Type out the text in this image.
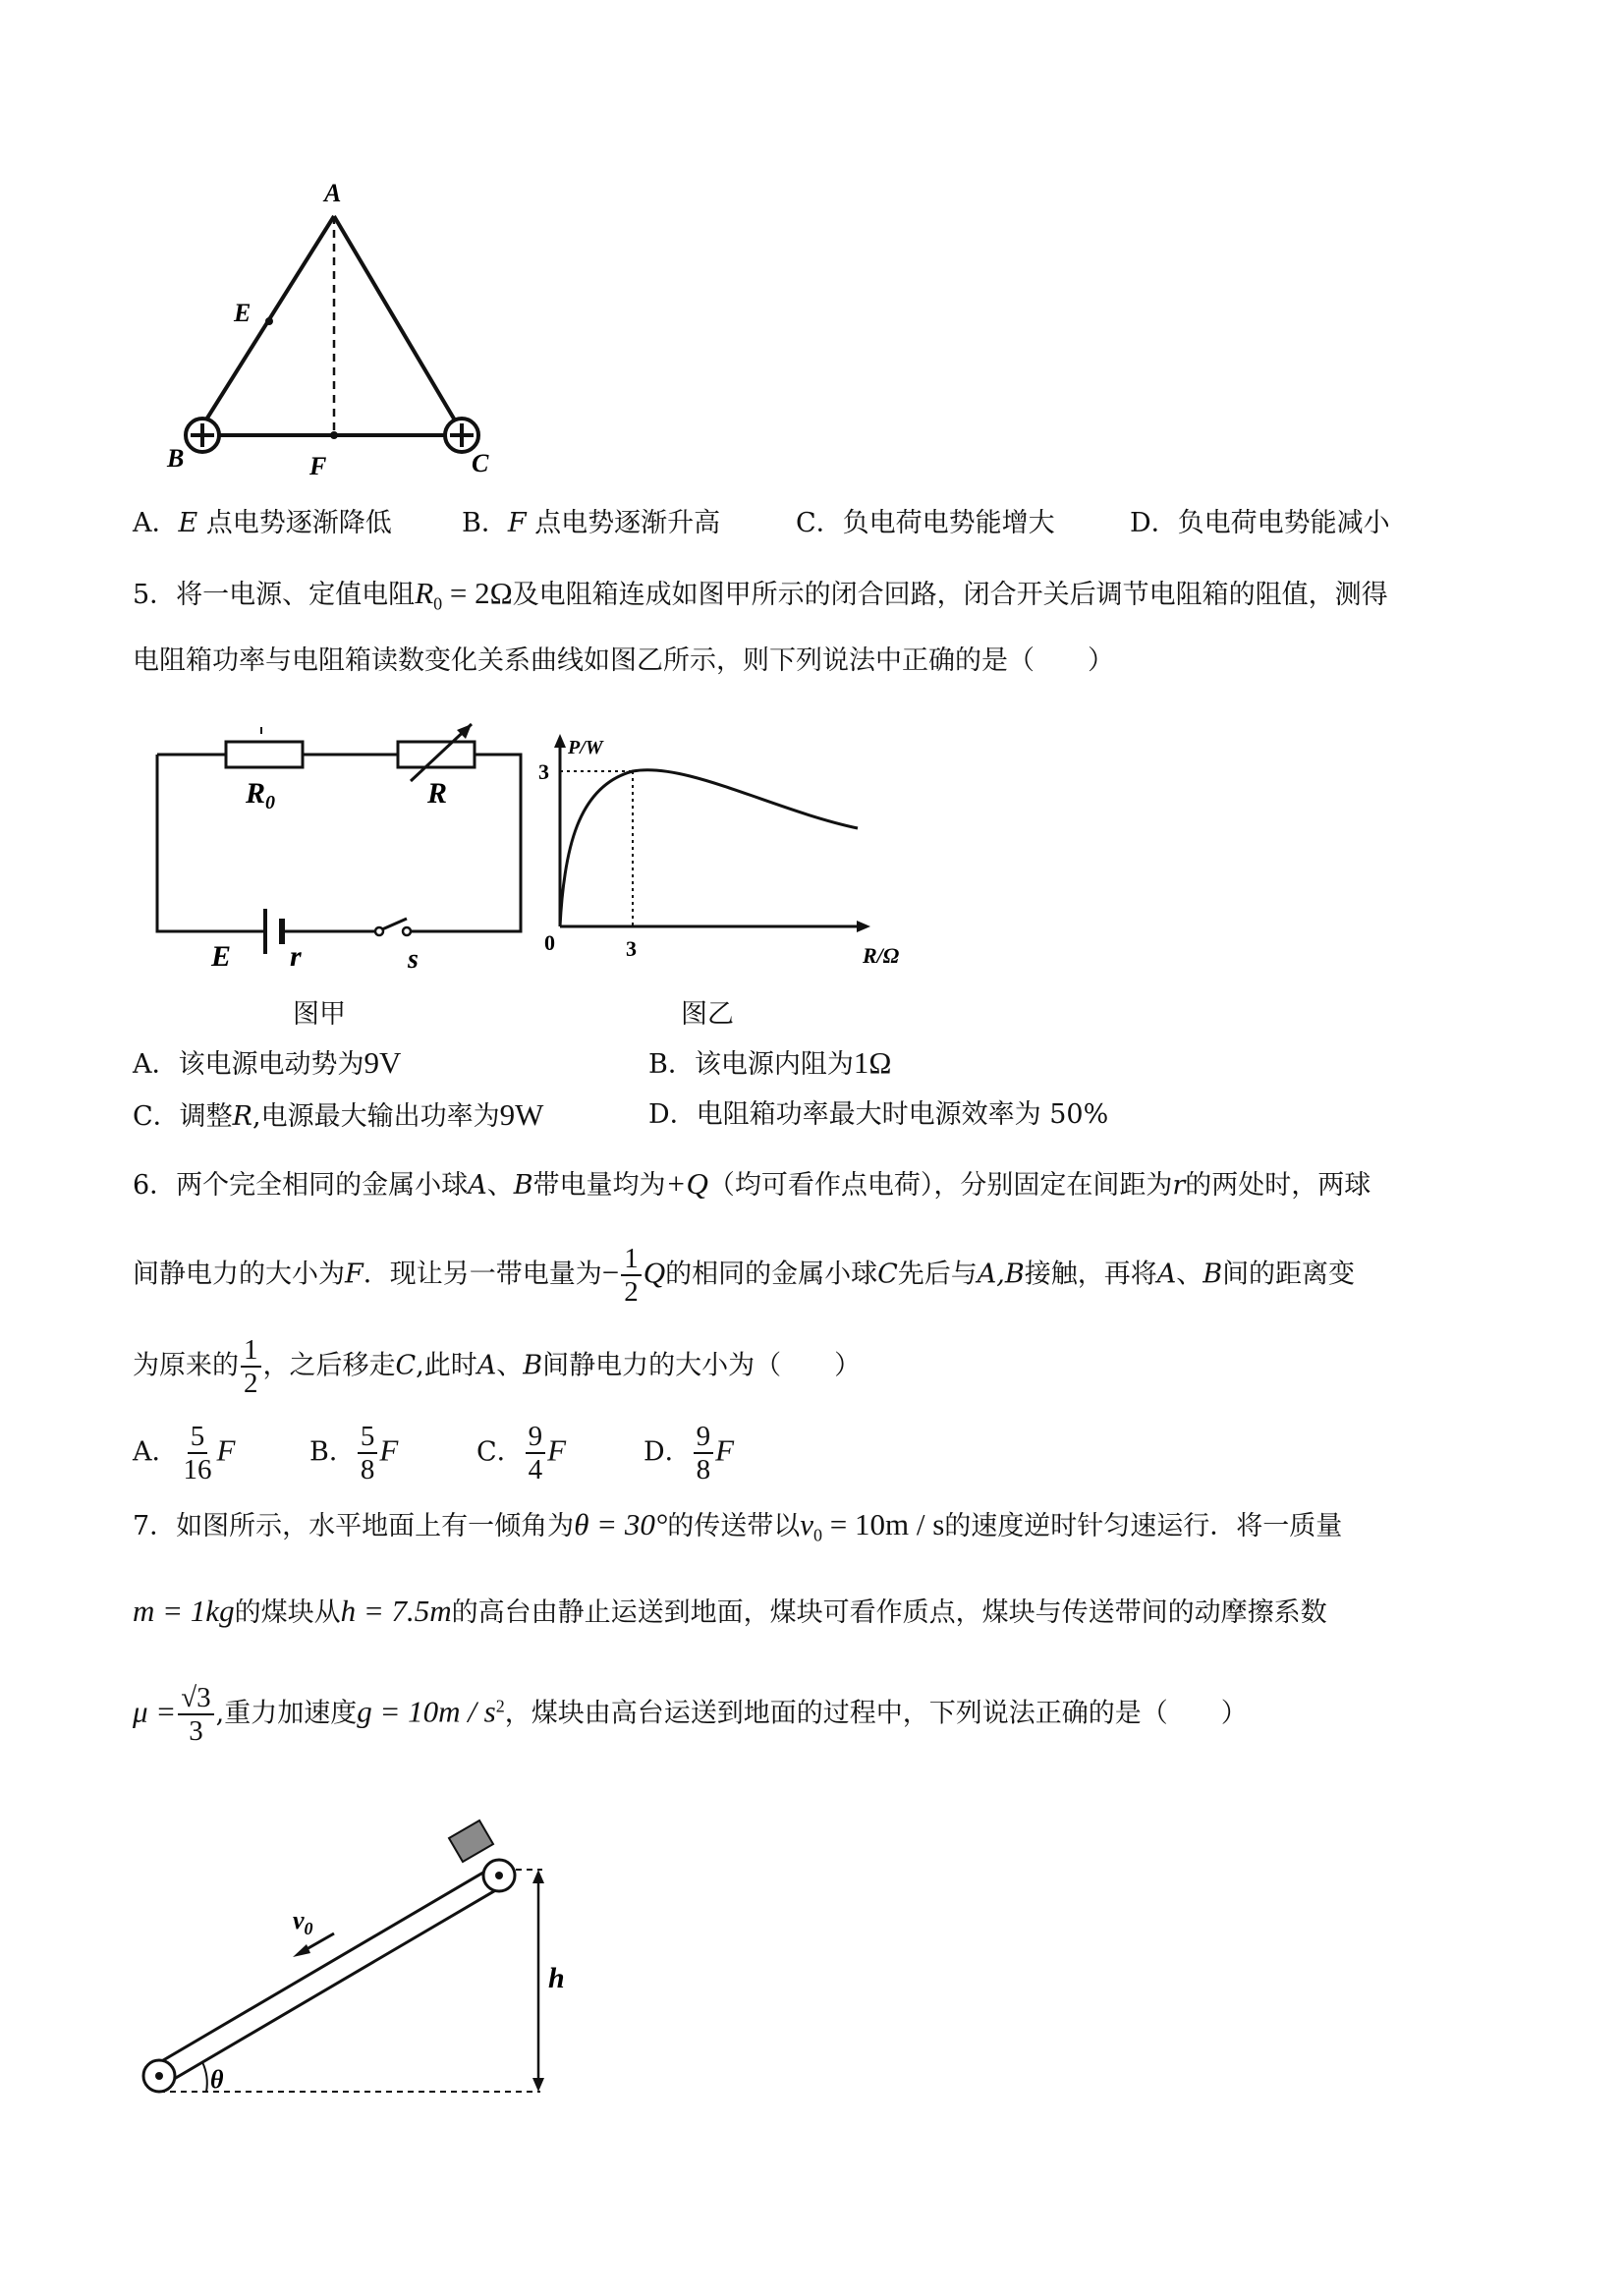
A
E
B	F	C
A．E 点电势逐渐降低	B．F 点电势逐渐升高	C．负电荷电势能增大	D．负电荷电势能减小
5．将一电源、定值电阻$R_0 = 2\Omega$及电阻箱连成如图甲所示的闭合回路，闭合开关后调节电阻箱的阻值，测得
电阻箱功率与电阻箱读数变化关系曲线如图乙所示，则下列说法中正确的是（　　）
$R_0$	R
E r	s
P/W
3
0	3	R/Ω
图甲	图乙
A．该电源电动势为9V	B．该电源内阻为1Ω
C．调整R,电源最大输出功率为9W	D．电阻箱功率最大时电源效率为 50%
6．两个完全相同的金属小球A、B带电量均为+Q（均可看作点电荷），分别固定在间距为r的两处时，两球
间静电力的大小为F．现让另一带电量为− $\frac{1}{2}$ Q的相同的金属小球C先后与A,B接触，再将A、B间的距离变
为原来的 $\frac{1}{2}$ ，之后移走C,此时A、B间静电力的大小为（　　）
A． $\frac{5}{16}$ F	B． $\frac{5}{8}$ F	C． $\frac{9}{4}$ F	D． $\frac{9}{8}$ F
7．如图所示，水平地面上有一倾角为θ = 30°的传送带以$v_0 = 10m / s$的速度逆时针匀速运行．将一质量
m = 1kg的煤块从h = 7.5m的高台由静止运送到地面，煤块可看作质点，煤块与传送带间的动摩擦系数
$\mu = \frac{√3}{3}$ ,重力加速度$g = 10m / s^2$，煤块由高台运送到地面的过程中，下列说法正确的是（　　）
$v_0$
h
θ
